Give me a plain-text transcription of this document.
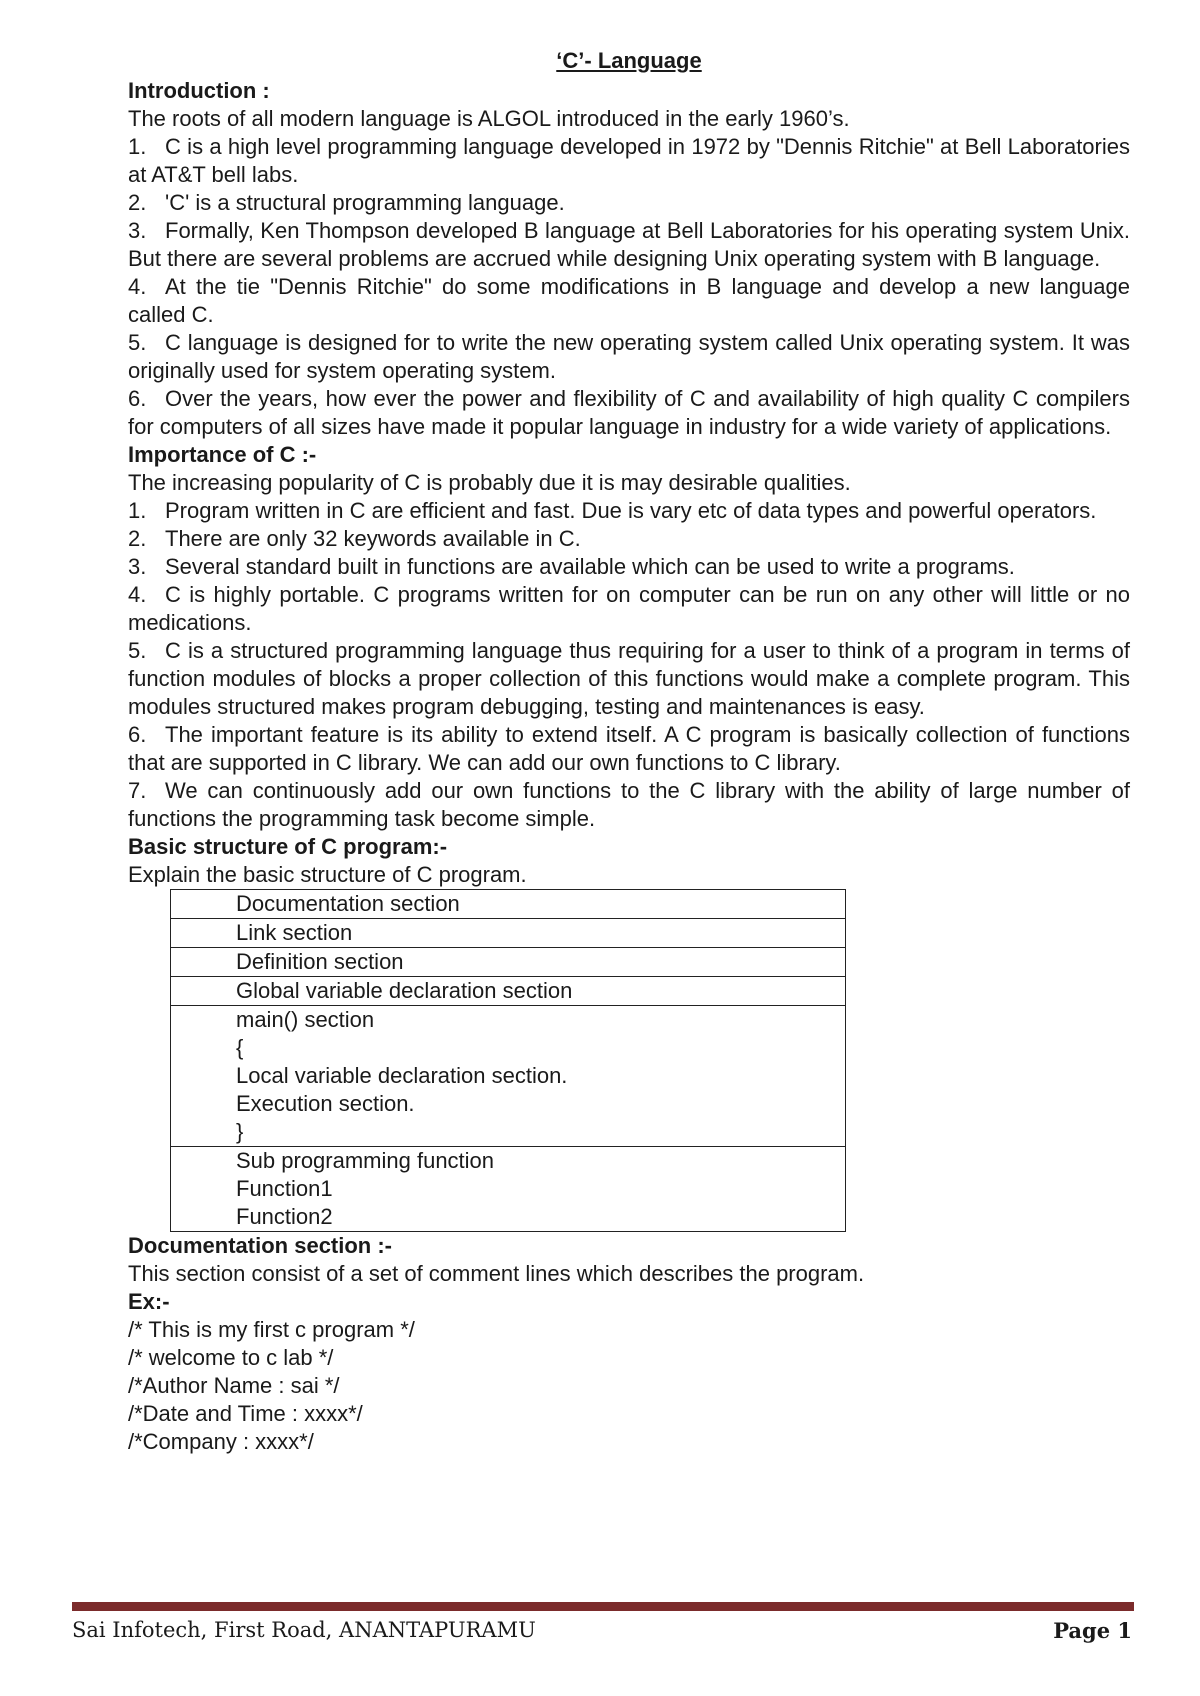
‘C’- Language

Introduction :

The roots of all modern language is ALGOL introduced in the early 1960’s.

1. C is a high level programming language developed in 1972 by "Dennis Ritchie" at Bell Laboratories at AT&T bell labs.

2. 'C' is a structural programming language.

3. Formally, Ken Thompson developed B language at Bell Laboratories for his operating system Unix. But there are several problems are accrued while designing Unix operating system with B language.

4. At the tie "Dennis Ritchie" do some modifications in B language and develop a new language called C.

5. C language is designed for to write the new operating system called Unix operating system. It was originally used for system operating system.

6. Over the years, how ever the power and flexibility of C and availability of high quality C compilers for computers of all sizes have made it popular language in industry for a wide variety of applications.

Importance of C :-

The increasing popularity of C is probably due it is may desirable qualities.

1. Program written in C are efficient and fast. Due is vary etc of data types and powerful operators.

2. There are only 32 keywords available in C.

3. Several standard built in functions are available which can be used to write a programs.

4. C is highly portable. C programs written for on computer can be run on any other will little or no medications.

5. C is a structured programming language thus requiring for a user to think of a program in terms of function modules of blocks a proper collection of this functions would make a complete program. This modules structured makes program debugging, testing and maintenances is easy.

6. The important feature is its ability to extend itself. A C program is basically collection of functions that are supported in C library. We can add our own functions to C library.

7. We can continuously add our own functions to the C library with the ability of large number of functions the programming task become simple.

Basic structure of C program:-

Explain the basic structure of C program.

Documentation section
Link section
Definition section
Global variable declaration section

main() section
{
Local variable declaration section.
Execution section.
}

Sub programming function
Function1
Function2

Documentation section :-

This section consist of a set of comment lines which describes the program.

Ex:-

/* This is my first c program */

/* welcome to c lab */

/*Author Name : sai */

/*Date and Time : xxxx*/

/*Company : xxxx*/

Sai Infotech, First Road, ANANTAPURAMU	Page 1
